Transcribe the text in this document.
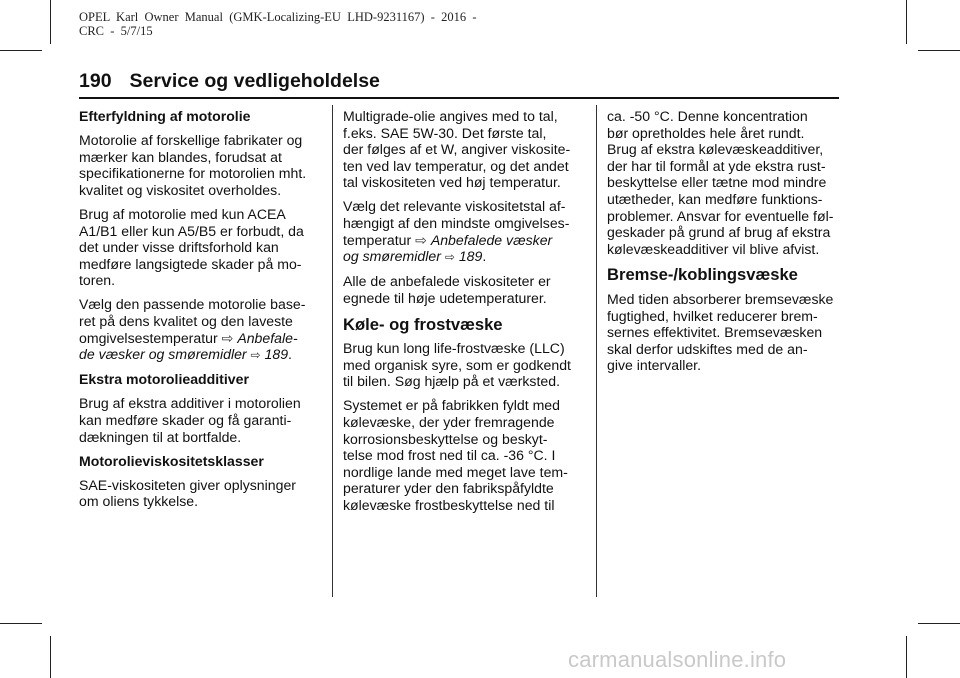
OPEL  Karl  Owner  Manual  (GMK-Localizing-EU  LHD-9231167)  -  2016  -
CRC  -  5/7/15
190 Service og vedligeholdelse
Efterfyldning af motorolie

Motorolie af forskellige fabrikater og
mærker kan blandes, forudsat at
specifikationerne for motorolien mht.
kvalitet og viskositet overholdes.

Brug af motorolie med kun ACEA
A1/B1 eller kun A5/B5 er forbudt, da
det under visse driftsforhold kan
medføre langsigtede skader på mo-
toren.

Vælg den passende motorolie base-
ret på dens kvalitet og den laveste
omgivelsestemperatur ⇨ Anbefale-
de væsker og smøremidler ⇨ 189.

Ekstra motorolieadditiver

Brug af ekstra additiver i motorolien
kan medføre skader og få garanti-
dækningen til at bortfalde.

Motorolieviskositetsklasser

SAE-viskositeten giver oplysninger
om oliens tykkelse.

Multigrade-olie angives med to tal,
f.eks. SAE 5W-30. Det første tal,
der følges af et W, angiver viskosite-
ten ved lav temperatur, og det andet
tal viskositeten ved høj temperatur.

Vælg det relevante viskositetstal af-
hængigt af den mindste omgivelses-
temperatur ⇨ Anbefalede væsker
og smøremidler ⇨ 189.

Alle de anbefalede viskositeter er
egnede til høje udetemperaturer.

Køle- og frostvæske

Brug kun long life-frostvæske (LLC)
med organisk syre, som er godkendt
til bilen. Søg hjælp på et værksted.

Systemet er på fabrikken fyldt med
kølevæske, der yder fremragende
korrosionsbeskyttelse og beskyt-
telse mod frost ned til ca. -36 °C. I
nordlige lande med meget lave tem-
peraturer yder den fabrikspåfyldte
kølevæske frostbeskyttelse ned til

ca. -50 °C. Denne koncentration
bør opretholdes hele året rundt.
Brug af ekstra kølevæskeadditiver,
der har til formål at yde ekstra rust-
beskyttelse eller tætne mod mindre
utætheder, kan medføre funktions-
problemer. Ansvar for eventuelle føl-
geskader på grund af brug af ekstra
kølevæskeadditiver vil blive afvist.

Bremse-/koblingsvæske

Med tiden absorberer bremsevæske
fugtighed, hvilket reducerer brem-
sernes effektivitet. Bremsevæsken
skal derfor udskiftes med de an-
give intervaller.

carmanualsonline.info
